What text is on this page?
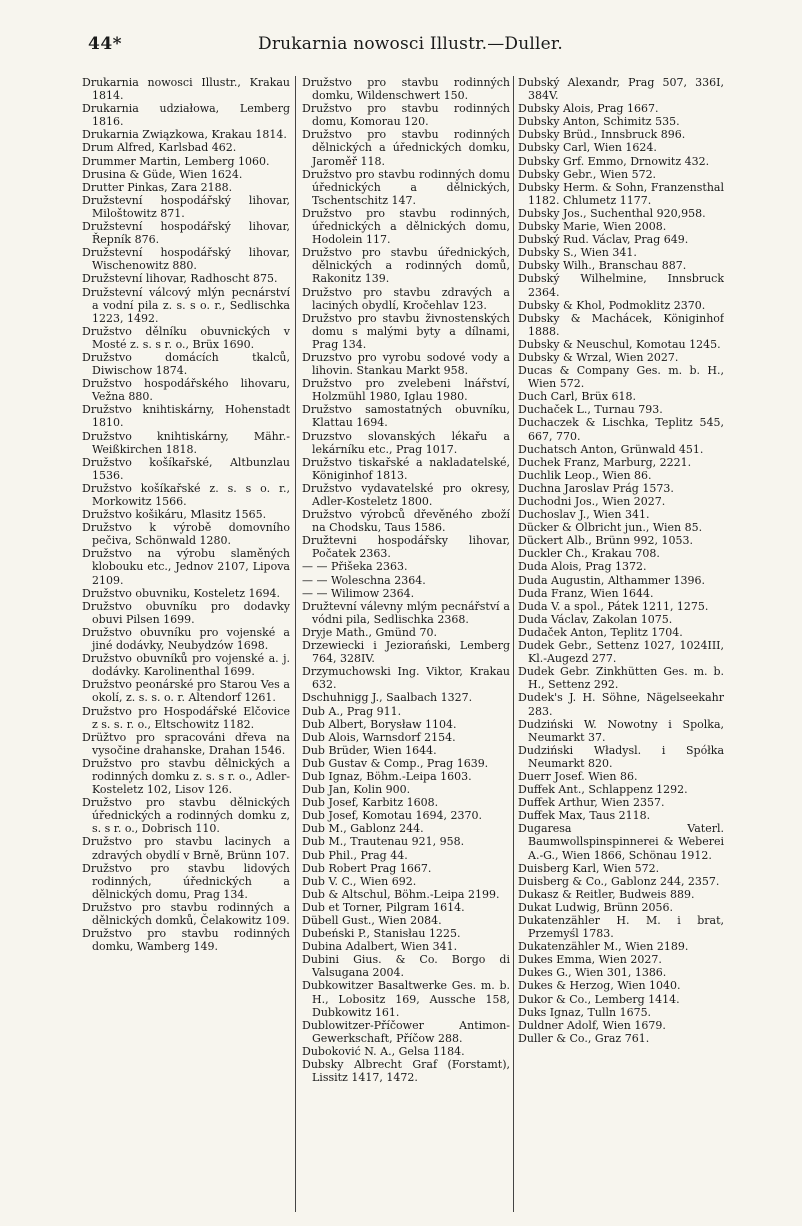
44*	Drukarnia nowosci Illustr.—Duller.

Drukarnia nowosci Illustr., Krakau 1814.

Drukarnia udziałowa, Lemberg 1816.

Drukarnia Związkowa, Krakau 1814.

Drum Alfred, Karlsbad 462.

Drummer Martin, Lemberg 1060.

Drusina & Güde, Wien 1624.

Drutter Pinkas, Zara 2188.

Družstevní hospodářský lihovar, Miloštowitz 871.

Družstevní hospodářský lihovar, Řepník 876.

Družstevní hospodářský lihovar, Wischenowitz 880.

Družstevní lihovar, Radhoscht 875.

Družstevní válcový mlýn pecnárství a vodní pila z. s. s o. r., Sedlischka 1223, 1492.

Družstvo dělníku obuvnických v Mosté z. s. s r. o., Brüx 1690.

Družstvo domácích tkalců, Diwischow 1874.

Družstvo hospodářského lihovaru, Vežna 880.

Družstvo knihtiskárny, Hohenstadt 1810.

Družstvo knihtiskárny, Mähr.-Weißkirchen 1818.

Družstvo košíkařské, Altbunzlau 1536.

Družstvo košíkařské z. s. s o. r., Morkowitz 1566.

Družstvo košikáru, Mlasitz 1565.

Družstvo k výrobě domovního pečiva, Schönwald 1280.

Družstvo na výrobu slaměných klobouku etc., Jednov 2107, Lipova 2109.

Družstvo obuvniku, Kosteletz 1694.

Družstvo obuvníku pro dodavky obuvi Pilsen 1699.

Družstvo obuvníku pro vojenské a jiné dodávky, Neubydzów 1698.

Družstvo obuvníků pro vojenské a. j. dodávky. Karolinenthal 1699.

Družstvo peonárské pro Starou Ves a okolí, z. s. s. o. r. Altendorf 1261.

Družstvo pro Hospodářské Elčovice z s. s. r. o., Eltschowitz 1182.

Drüžtvo pro spracováni dřeva na vysočine drahanske, Drahan 1546.

Družstvo pro stavbu dělnických a rodinných domku z. s. s r. o., Adler-Kosteletz 102, Lisov 126.

Družstvo pro stavbu dělnických úřednických a rodinných domku z, s. s r. o., Dobrisch 110.

Družstvo pro stavbu lacinych a zdravých obydlí v Brně, Brünn 107.

Družstvo pro stavbu lidových rodinných, úřednických a dělnických domu, Prag 134.

Družstvo pro stavbu rodinných a dělnických domků, Čelakowitz 109.

Družstvo pro stavbu rodinných domku, Wamberg 149.

Družstvo pro stavbu rodinných domku, Wildenschwert 150.

Družstvo pro stavbu rodinných domu, Komorau 120.

Družstvo pro stavbu rodinných dělnických a úřednických domku, Jaroměř 118.

Družstvo pro stavbu rodinných domu úřednických a dělnických, Tschentschitz 147.

Družstvo pro stavbu rodinných, úřednických a dělnických domu, Hodolein 117.

Družstvo pro stavbu úřednických, dělnických a rodinných domů, Rakonitz 139.

Družstvo pro stavbu zdravých a laciných obydlí, Kročehlav 123.

Družstvo pro stavbu živnostenských domu s malými byty a dílnami, Prag 134.

Druzstvo pro vyrobu sodové vody a lihovin. Stankau Markt 958.

Družstvo pro zvelebeni lnářství, Holzmühl 1980, Iglau 1980.

Družstvo samostatných obuvníku, Klattau 1694.

Druzstvo slovanských lékařu a lekárníku etc., Prag 1017.

Družstvo tiskařské a nakladatelské, Königinhof 1813.

Družstvo vydavatelské pro okresy, Adler-Kosteletz 1800.

Družstvo výrobců dřevěného zboží na Chodsku, Taus 1586.

Družtevni hospodářsky lihovar, Počatek 2363.

— — Přišeka 2363.

— — Woleschna 2364.

— — Wilimow 2364.

Družtevní válevny mlým pecnářství a vódni pila, Sedlischka 2368.

Dryje Math., Gmünd 70.

Drzewiecki i Jeziorański, Lemberg 764, 328IV.

Drzymuchowski Ing. Viktor, Krakau 632.

Dschuhnigg J., Saalbach 1327.

Dub A., Prag 911.

Dub Albert, Borysław 1104.

Dub Alois, Warnsdorf 2154.

Dub Brüder, Wien 1644.

Dub Gustav & Comp., Prag 1639.

Dub Ignaz, Böhm.-Leipa 1603.

Dub Jan, Kolin 900.

Dub Josef, Karbitz 1608.

Dub Josef, Komotau 1694, 2370.

Dub M., Gablonz 244.

Dub M., Trautenau 921, 958.

Dub Phil., Prag 44.

Dub Robert Prag 1667.

Dub V. C., Wien 692.

Dub & Altschul, Böhm.-Leipa 2199.

Dub et Torner, Pilgram 1614.

Dübell Gust., Wien 2084.

Dubeński P., Stanisłau 1225.

Dubina Adalbert, Wien 341.

Dubini Gius. & Co. Borgo di Valsugana 2004.

Dubkowitzer Basaltwerke Ges. m. b. H., Lobositz 169, Aussche 158, Dubkowitz 161.

Dublowitzer-Příčower Antimon-Gewerkschaft, Příčow 288.

Duboković N. A., Gelsa 1184.

Dubsky Albrecht Graf (Forstamt), Lissitz 1417, 1472.

Dubský Alexandr, Prag 507, 336I, 384V.

Dubsky Alois, Prag 1667.

Dubsky Anton, Schimitz 535.

Dubsky Brüd., Innsbruck 896.

Dubsky Carl, Wien 1624.

Dubsky Grf. Emmo, Drnowitz 432.

Dubsky Gebr., Wien 572.

Dubsky Herm. & Sohn, Franzensthal 1182. Chlumetz 1177.

Dubsky Jos., Suchenthal 920,958.

Dubsky Marie, Wien 2008.

Dubský Rud. Václav, Prag 649.

Dubsky S., Wien 341.

Dubsky Wilh., Branschau 887.

Dubský Wilhelmine, Innsbruck 2364.

Dubsky & Khol, Podmoklitz 2370.

Dubsky & Machácek, Königinhof 1888.

Dubsky & Neuschul, Komotau 1245.

Dubsky & Wrzal, Wien 2027.

Ducas & Company Ges. m. b. H., Wien 572.

Duch Carl, Brüx 618.

Duchaček L., Turnau 793.

Duchaczek & Lischka, Teplitz 545, 667, 770.

Duchatsch Anton, Grünwald 451.

Duchek Franz, Marburg, 2221.

Duchlik Leop., Wien 86.

Duchna Jaroslav Prág 1573.

Duchodni Jos., Wien 2027.

Duchoslav J., Wien 341.

Dücker & Olbricht jun., Wien 85.

Dückert Alb., Brünn 992, 1053.

Duckler Ch., Krakau 708.

Duda Alois, Prag 1372.

Duda Augustin, Althammer 1396.

Duda Franz, Wien 1644.

Duda V. a spol., Pátek 1211, 1275.

Duda Václav, Zakolan 1075.

Dudaček Anton, Teplitz 1704.

Dudek Gebr., Settenz 1027, 1024III, Kl.-Augezd 277.

Dudek Gebr. Zinkhütten Ges. m. b. H., Settenz 292.

Dudek's J. H. Söhne, Nägelseekahr 283.

Dudziński W. Nowotny i Spolka, Neumarkt 37.

Dudziński Władysl. i Spółka Neumarkt 820.

Duerr Josef. Wien 86.

Duffek Ant., Schlappenz 1292.

Duffek Arthur, Wien 2357.

Duffek Max, Taus 2118.

Dugaresa Vaterl. Baumwollspinspinnerei & Weberei A.-G., Wien 1866, Schönau 1912.

Duisberg Karl, Wien 572.

Duisberg & Co., Gablonz 244, 2357.

Dukasz & Reitler, Budweis 889.

Dukat Ludwig, Brünn 2056.

Dukatenzähler H. M. i brat, Przemyśl 1783.

Dukatenzähler M., Wien 2189.

Dukes Emma, Wien 2027.

Dukes G., Wien 301, 1386.

Dukes & Herzog, Wien 1040.

Dukor & Co., Lemberg 1414.

Duks Ignaz, Tulln 1675.

Duldner Adolf, Wien 1679.

Duller & Co., Graz 761.
